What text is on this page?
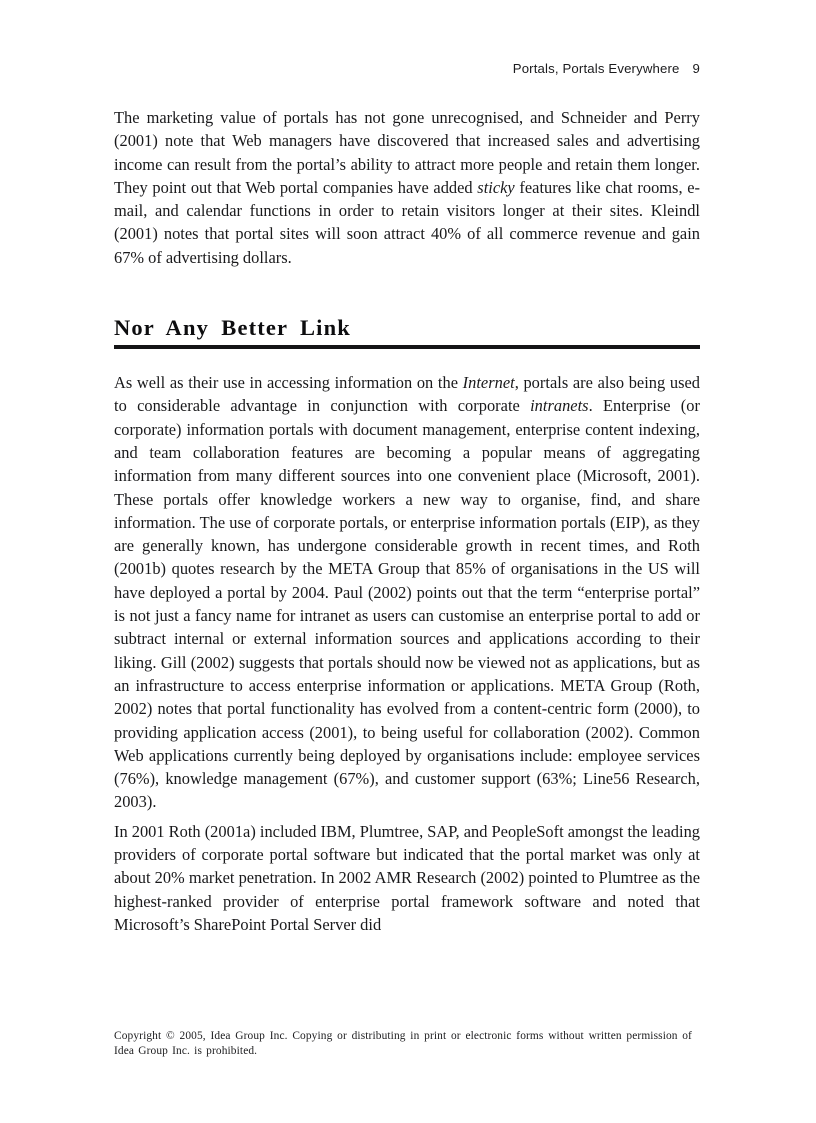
Portals, Portals Everywhere 9

The marketing value of portals has not gone unrecognised, and Schneider and Perry (2001) note that Web managers have discovered that increased sales and advertising income can result from the portal’s ability to attract more people and retain them longer. They point out that Web portal companies have added sticky features like chat rooms, e-mail, and calendar functions in order to retain visitors longer at their sites. Kleindl (2001) notes that portal sites will soon attract 40% of all commerce revenue and gain 67% of advertising dollars.

Nor Any Better Link

As well as their use in accessing information on the Internet, portals are also being used to considerable advantage in conjunction with corporate intranets. Enterprise (or corporate) information portals with document management, enterprise content indexing, and team collaboration features are becoming a popular means of aggregating information from many different sources into one convenient place (Microsoft, 2001). These portals offer knowledge workers a new way to organise, find, and share information. The use of corporate portals, or enterprise information portals (EIP), as they are generally known, has undergone considerable growth in recent times, and Roth (2001b) quotes research by the META Group that 85% of organisations in the US will have deployed a portal by 2004. Paul (2002) points out that the term “enterprise portal” is not just a fancy name for intranet as users can customise an enterprise portal to add or subtract internal or external information sources and applications according to their liking. Gill (2002) suggests that portals should now be viewed not as applications, but as an infrastructure to access enterprise information or applications. META Group (Roth, 2002) notes that portal functionality has evolved from a content-centric form (2000), to providing application access (2001), to being useful for collaboration (2002). Common Web applications currently being deployed by organisations include: employee services (76%), knowledge management (67%), and customer support (63%; Line56 Research, 2003).

In 2001 Roth (2001a) included IBM, Plumtree, SAP, and PeopleSoft amongst the leading providers of corporate portal software but indicated that the portal market was only at about 20% market penetration. In 2002 AMR Research (2002) pointed to Plumtree as the highest-ranked provider of enterprise portal framework software and noted that Microsoft’s SharePoint Portal Server did

Copyright © 2005, Idea Group Inc. Copying or distributing in print or electronic forms without written permission of Idea Group Inc. is prohibited.
